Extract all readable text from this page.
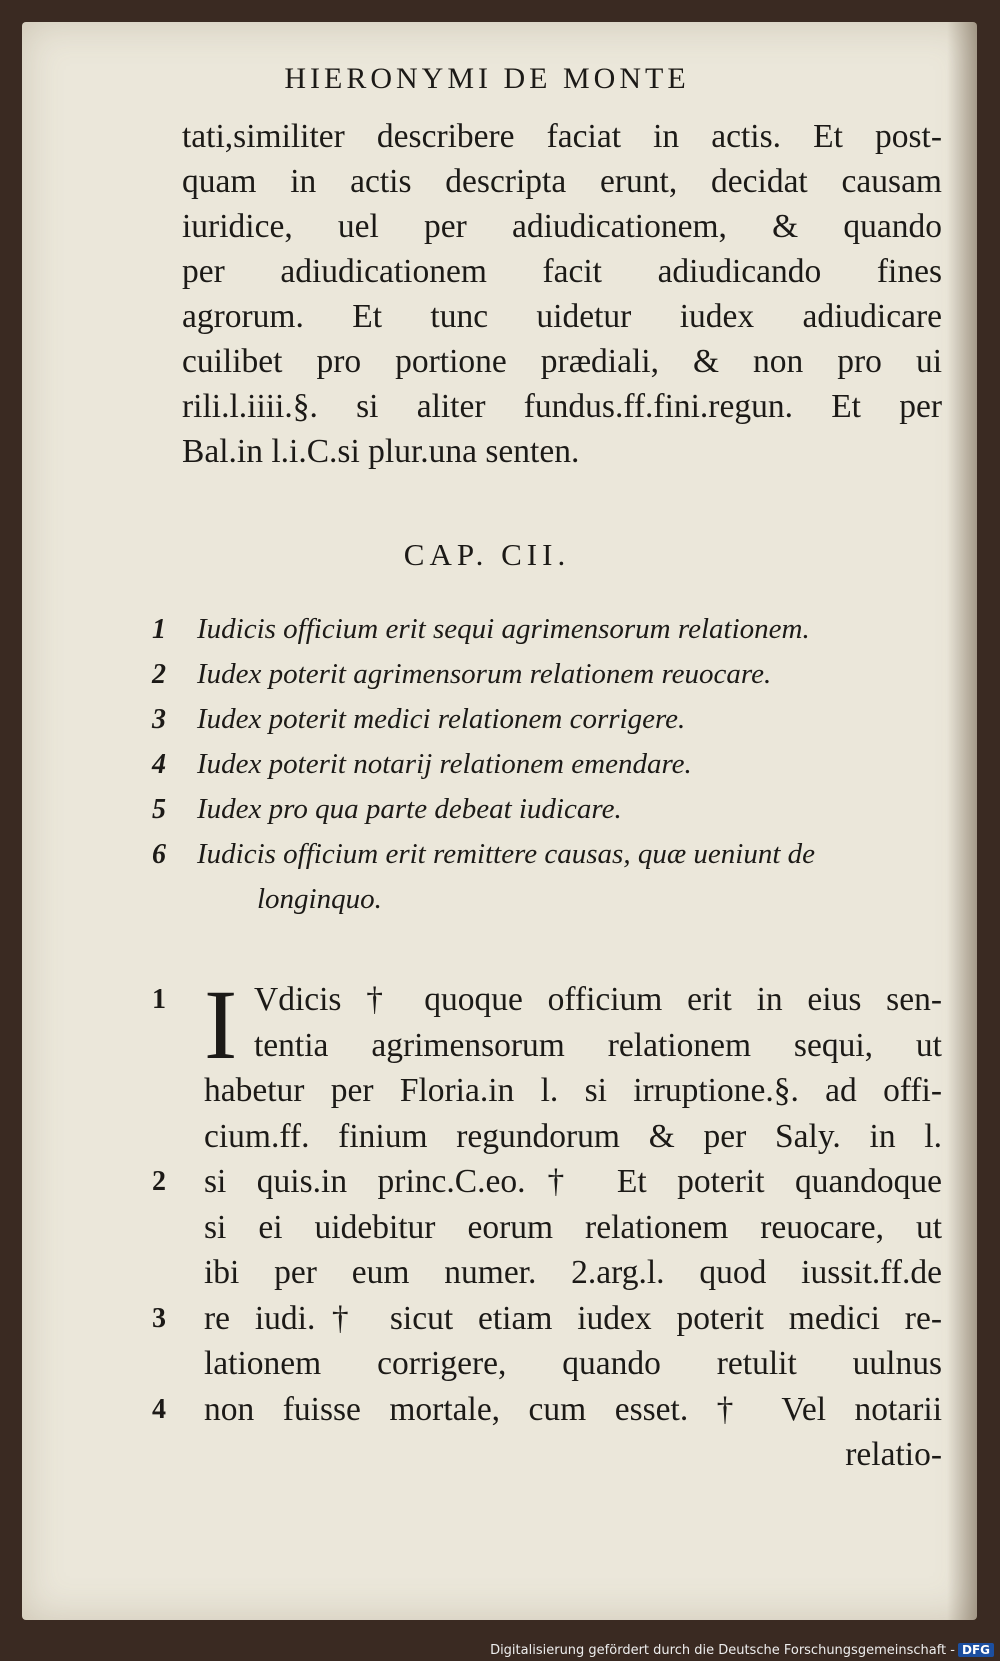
HIERONYMI DE MONTE
tati,similiter describere faciat in actis. Et post-
quam in actis descripta erunt, decidat causam
iuridice, uel per adiudicationem, & quando
per adiudicationem facit adiudicando fines
agrorum. Et tunc uidetur iudex adiudicare
cuilibet pro portione prædiali, & non pro ui
rili.l.iiii.§. si aliter fundus.ff.fini.regun. Et per
Bal.in l.i.C.si plur.una senten.
CAP. CII.
1	Iudicis officium erit sequi agrimensorum relationem.
2	Iudex poterit agrimensorum relationem reuocare.
3	Iudex poterit medici relationem corrigere.
4	Iudex poterit notarij relationem emendare.
5	Iudex pro qua parte debeat iudicare.
6	Iudicis officium erit remittere causas, quæ ueniunt de
longinquo.
1 I Vdicis † quoque officium erit in eius sen-
tentia agrimensorum relationem sequi, ut
habetur per Floria.in l. si irruptione.§. ad offi-
cium.ff. finium regundorum & per Saly. in l.
2	si quis.in princ.C.eo.† Et poterit quandoque
si ei uidebitur eorum relationem reuocare, ut
ibi per eum numer. 2.arg.l. quod iussit.ff.de
3	re iudi.† sicut etiam iudex poterit medici re-
lationem corrigere, quando retulit uulnus
4	non fuisse mortale, cum esset. † Vel notarii
relatio-
Digitalisierung gefördert durch die Deutsche Forschungsgemeinschaft - DFG
